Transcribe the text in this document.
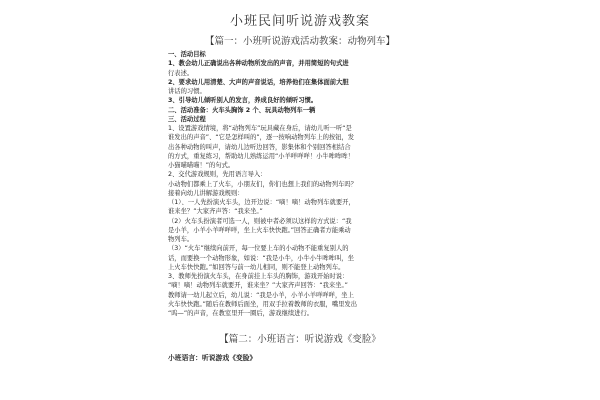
小班民间听说游戏教案
【篇一：小班听说游戏活动教案：动物列车】
一、活动目标
1、教会幼儿正确说出各种动物所发出的声音，并用简短的句式进
行表述。
2、要求幼儿用清楚、大声的声音说话，培养他们在集体面前大胆
讲话的习惯。
3、引导幼儿倾听别人的发言，养成良好的倾听习惯。
二、活动准备：火车头胸饰 2 个、玩具动物列车一辆
三、活动过程
1、设置游戏情境，将“动物列车”玩具藏在身后，请幼儿听一听“是
谁发出的声音”、“它是怎样叫的”，逐一按响动物列车上的按钮，发
出各种动物的叫声，请幼儿边听边回答，影集体和个别回答相结合
的方式，重复练习，帮助幼儿熟练运用“小羊咩咩咩！小牛哞哞哞！
小猫喵喵喵！”的句式。
2、交代游戏规则，先用语言导入：
小动物们都乘上了火车，小朋友们，你们也想上我们的动物列车吗？
接着向幼儿讲解游戏规则：
（1）、一人先扮演火车头，边开边说：“嘀！嘀！动物列车就要开，
谁来坐？”大家齐声答：“我来坐。”
（2）火车头扮演者可选一人，则被中者必须以这样的方式说：“我
是小羊，小羊小羊咩咩咩，坐上火车快快跑。”回答正确者方能乘动
物列车。
（3）“火车”继续向前开，每一位要上车的小动物不能重复别人的
话，而要换一个动物形象，如说：“我是小牛，小牛小牛哞哞叫，坐
上火车快快跑。”如回答与前一幼儿相同，则不能登上动物列车。
3、教师先扮演火车头，在身前挂上车头的胸饰，游戏开始时说：
“嘀！嘀！动物列车就要开，谁来坐？”大家齐声回答：“我来坐。”
教师请一幼儿起立后，幼儿说：“我是小羊，小羊小羊咩咩咩，坐上
火车快快跑。”随后在教师后面坐，用双手拉着教师的衣服，嘴里发出
“呜—”的声音，在教室里开一圈后，游戏继续进行。
【篇二：小班语言：听说游戏《变脸》
小班语言：听说游戏《变脸》
